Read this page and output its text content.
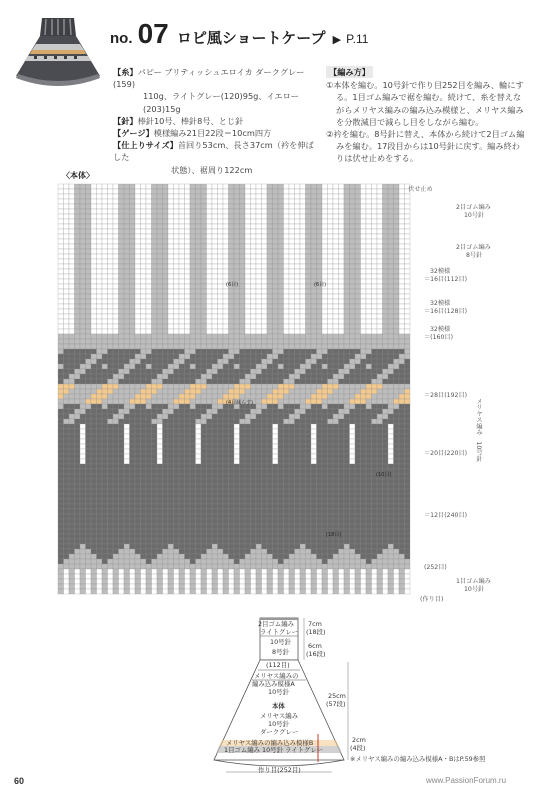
no. 07 ロピ風ショートケープ ▶ P.11
【糸】パピー ブリティッシュエロイカ ダークグレー(159)
110g、ライトグレー(120)95g、イエロー(203)15g
【針】棒針10号、棒針8号、とじ針
【ゲージ】模様編み21目22段＝10cm四方
【仕上りサイズ】首回り53cm、長さ37cm（衿を伸ばした
状態）、裾周り122cm
【編み方】
①本体を編む。10号針で作り目252目を編み、輪にする。1目ゴム編みで裾を編む。続けて、糸を替えながらメリヤス編みの編み込み模様と、メリヤス編みを分散減目で減らし目をしながら編む。
②衿を編む。8号針に替え、本体から続けて2目ゴム編みを編む。17段目からは10号針に戻す。編み終わりは伏せ止めをする。
〈本体〉
(6目)	(6目)
(10目)
(18目)
(4目減らす)
伏せ止め
2目ゴム編み
10号針
2目ゴム編み
8号針
32模様
＝16目(112目)
32模様
＝16目(128目)
32模様
＝(160目)
＝28目(192目)
メリヤス編み　10号針
＝20目(220目)
＝12目(240目)
(252目)
1目ゴム編み
10号針
(作り目)
2目ゴム編み
ライトグレー
10号針
8号針
7cm
(18段)
6cm
(16段)
(112目)
メリヤス編みの
編み込み模様A
10号針
本体
メリヤス編み
10号針
ダークグレー
メリヤス編みの編み込み模様B
1目ゴム編み 10号針 ライトグレー
25cm
(57段)
2cm
(4段)
作り目(252目)
※メリヤス編みの編み込み模様A・BはP.59参照
60	www.PassionForum.ru
